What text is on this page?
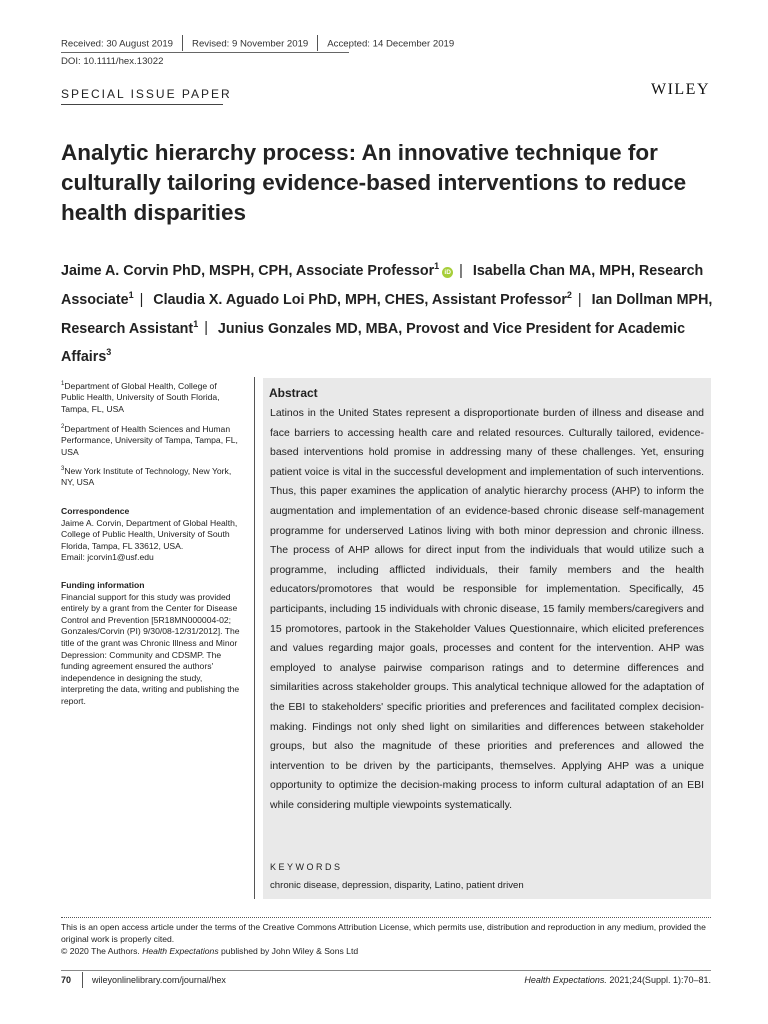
Received: 30 August 2019 Revised: 9 November 2019 Accepted: 14 December 2019
DOI: 10.1111/hex.13022
SPECIAL ISSUE PAPER	WILEY
Analytic hierarchy process: An innovative technique for culturally tailoring evidence-based interventions to reduce health disparities
Jaime A. Corvin PhD, MSPH, CPH, Associate Professor$^1$iD | Isabella Chan MA, MPH, Research Associate$^1$ | Claudia X. Aguado Loi PhD, MPH, CHES, Assistant Professor$^2$ | Ian Dollman MPH, Research Assistant$^1$ | Junius Gonzales MD, MBA, Provost and Vice President for Academic Affairs$^3$
$^1$Department of Global Health, College of Public Health, University of South Florida, Tampa, FL, USA
$^2$Department of Health Sciences and Human Performance, University of Tampa, Tampa, FL, USA
$^3$New York Institute of Technology, New York, NY, USA
Correspondence
Jaime A. Corvin, Department of Global Health, College of Public Health, University of South Florida, Tampa, FL 33612, USA.
Email: jcorvin1@usf.edu
Funding information
Financial support for this study was provided entirely by a grant from the Center for Disease Control and Prevention [5R18MN000004-02; Gonzales/Corvin (PI) 9/30/08-12/31/2012]. The title of the grant was Chronic Illness and Minor Depression: Community and CDSMP. The funding agreement ensured the authors' independence in designing the study, interpreting the data, writing and publishing the report.
Abstract
Latinos in the United States represent a disproportionate burden of illness and disease and face barriers to accessing health care and related resources. Culturally tailored, evidence-based interventions hold promise in addressing many of these challenges. Yet, ensuring patient voice is vital in the successful development and implementation of such interventions. Thus, this paper examines the application of analytic hierarchy process (AHP) to inform the augmentation and implementation of an evidence-based chronic disease self-management programme for underserved Latinos living with both minor depression and chronic illness. The process of AHP allows for direct input from the individuals that would utilize such a programme, including afflicted individuals, their family members and the health educators/promotores that would be responsible for implementation. Specifically, 45 participants, including 15 individuals with chronic disease, 15 family members/caregivers and 15 promotores, partook in the Stakeholder Values Questionnaire, which elicited preferences and values regarding major goals, processes and content for the intervention. AHP was employed to analyse pairwise comparison ratings and to determine differences and similarities across stakeholder groups. This analytical technique allowed for the adaptation of the EBI to stakeholders' specific priorities and preferences and facilitated complex decision-making. Findings not only shed light on similarities and differences between stakeholder groups, but also the magnitude of these priorities and preferences and allowed the intervention to be driven by the participants, themselves. Applying AHP was a unique opportunity to optimize the decision-making process to inform cultural adaptation of an EBI while considering multiple viewpoints systematically.
KEYWORDS
chronic disease, depression, disparity, Latino, patient driven
This is an open access article under the terms of the Creative Commons Attribution License, which permits use, distribution and reproduction in any medium, provided the original work is properly cited.
© 2020 The Authors. Health Expectations published by John Wiley & Sons Ltd
70 wileyonlinelibrary.com/journal/hex	Health Expectations. 2021;24(Suppl. 1):70–81.
